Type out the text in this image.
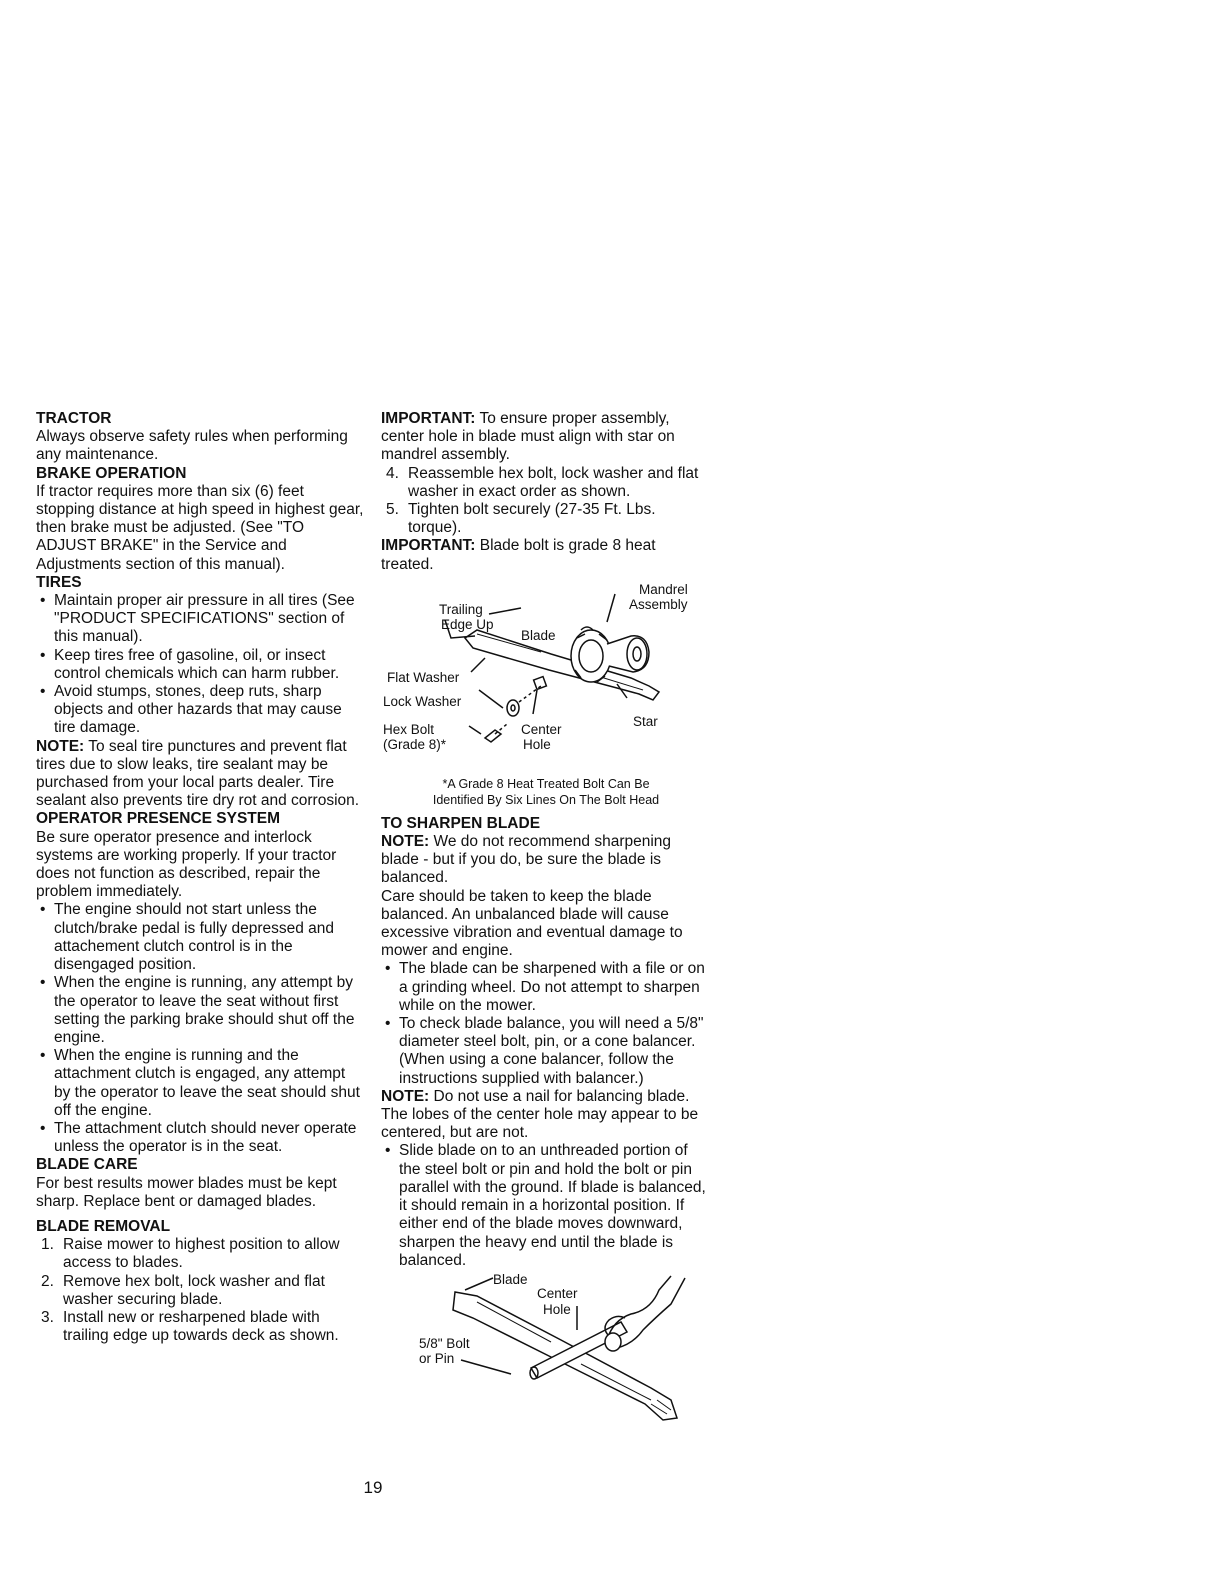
TRACTOR

Always observe safety rules when performing any maintenance.

BRAKE OPERATION

If tractor requires more than six (6) feet stopping distance at high speed in highest gear, then brake must be adjusted. (See "TO ADJUST BRAKE" in the Service and Adjustments section of this manual).

TIRES

• Maintain proper air pressure in all tires (See "PRODUCT SPECIFICATIONS" section of this manual).
• Keep tires free of gasoline, oil, or insect control chemicals which can harm rubber.
• Avoid stumps, stones, deep ruts, sharp objects and other hazards that may cause tire damage.

NOTE: To seal tire punctures and prevent flat tires due to slow leaks, tire sealant may be purchased from your local parts dealer. Tire sealant also prevents tire dry rot and corrosion.

OPERATOR PRESENCE SYSTEM

Be sure operator presence and interlock systems are working properly. If your tractor does not function as described, repair the problem immediately.

• The engine should not start unless the clutch/brake pedal is fully depressed and attachement clutch control is in the disengaged position.
• When the engine is running, any attempt by the operator to leave the seat without first setting the parking brake should shut off the engine.
• When the engine is running and the attachment clutch is engaged, any attempt by the operator to leave the seat should shut off the engine.
• The attachment clutch should never operate unless the operator is in the seat.

BLADE CARE

For best results mower blades must be kept sharp. Replace bent or damaged blades.

BLADE REMOVAL

1. Raise mower to highest position to allow access to blades.
2. Remove hex bolt, lock washer and flat washer securing blade.
3. Install new or resharpened blade with trailing edge up towards deck as shown.

IMPORTANT: To ensure proper assembly, center hole in blade must align with star on mandrel assembly.

4. Reassemble hex bolt, lock washer and flat washer in exact order as shown.
5. Tighten bolt securely (27-35 Ft. Lbs. torque).

IMPORTANT: Blade bolt is grade 8 heat treated.

Mandrel
Assembly
Trailing
Edge Up
Blade
Flat Washer
Lock Washer
Star
Hex Bolt
(Grade 8)*
Center
Hole
*A Grade 8 Heat Treated Bolt Can Be
Identified By Six Lines On The Bolt Head

TO SHARPEN BLADE

NOTE: We do not recommend sharpening blade - but if you do, be sure the blade is balanced.

Care should be taken to keep the blade balanced. An unbalanced blade will cause excessive vibration and eventual damage to mower and engine.

• The blade can be sharpened with a file or on a grinding wheel. Do not attempt to sharpen while on the mower.
• To check blade balance, you will need a 5/8" diameter steel bolt, pin, or a cone balancer. (When using a cone balancer, follow the instructions supplied with balancer.)

NOTE: Do not use a nail for balancing blade. The lobes of the center hole may appear to be centered, but are not.

• Slide blade on to an unthreaded portion of the steel bolt or pin and hold the bolt or pin parallel with the ground. If blade is balanced, it should remain in a horizontal position. If either end of the blade moves downward, sharpen the heavy end until the blade is balanced.
Blade
Center
Hole
5/8" Bolt
or Pin
19
